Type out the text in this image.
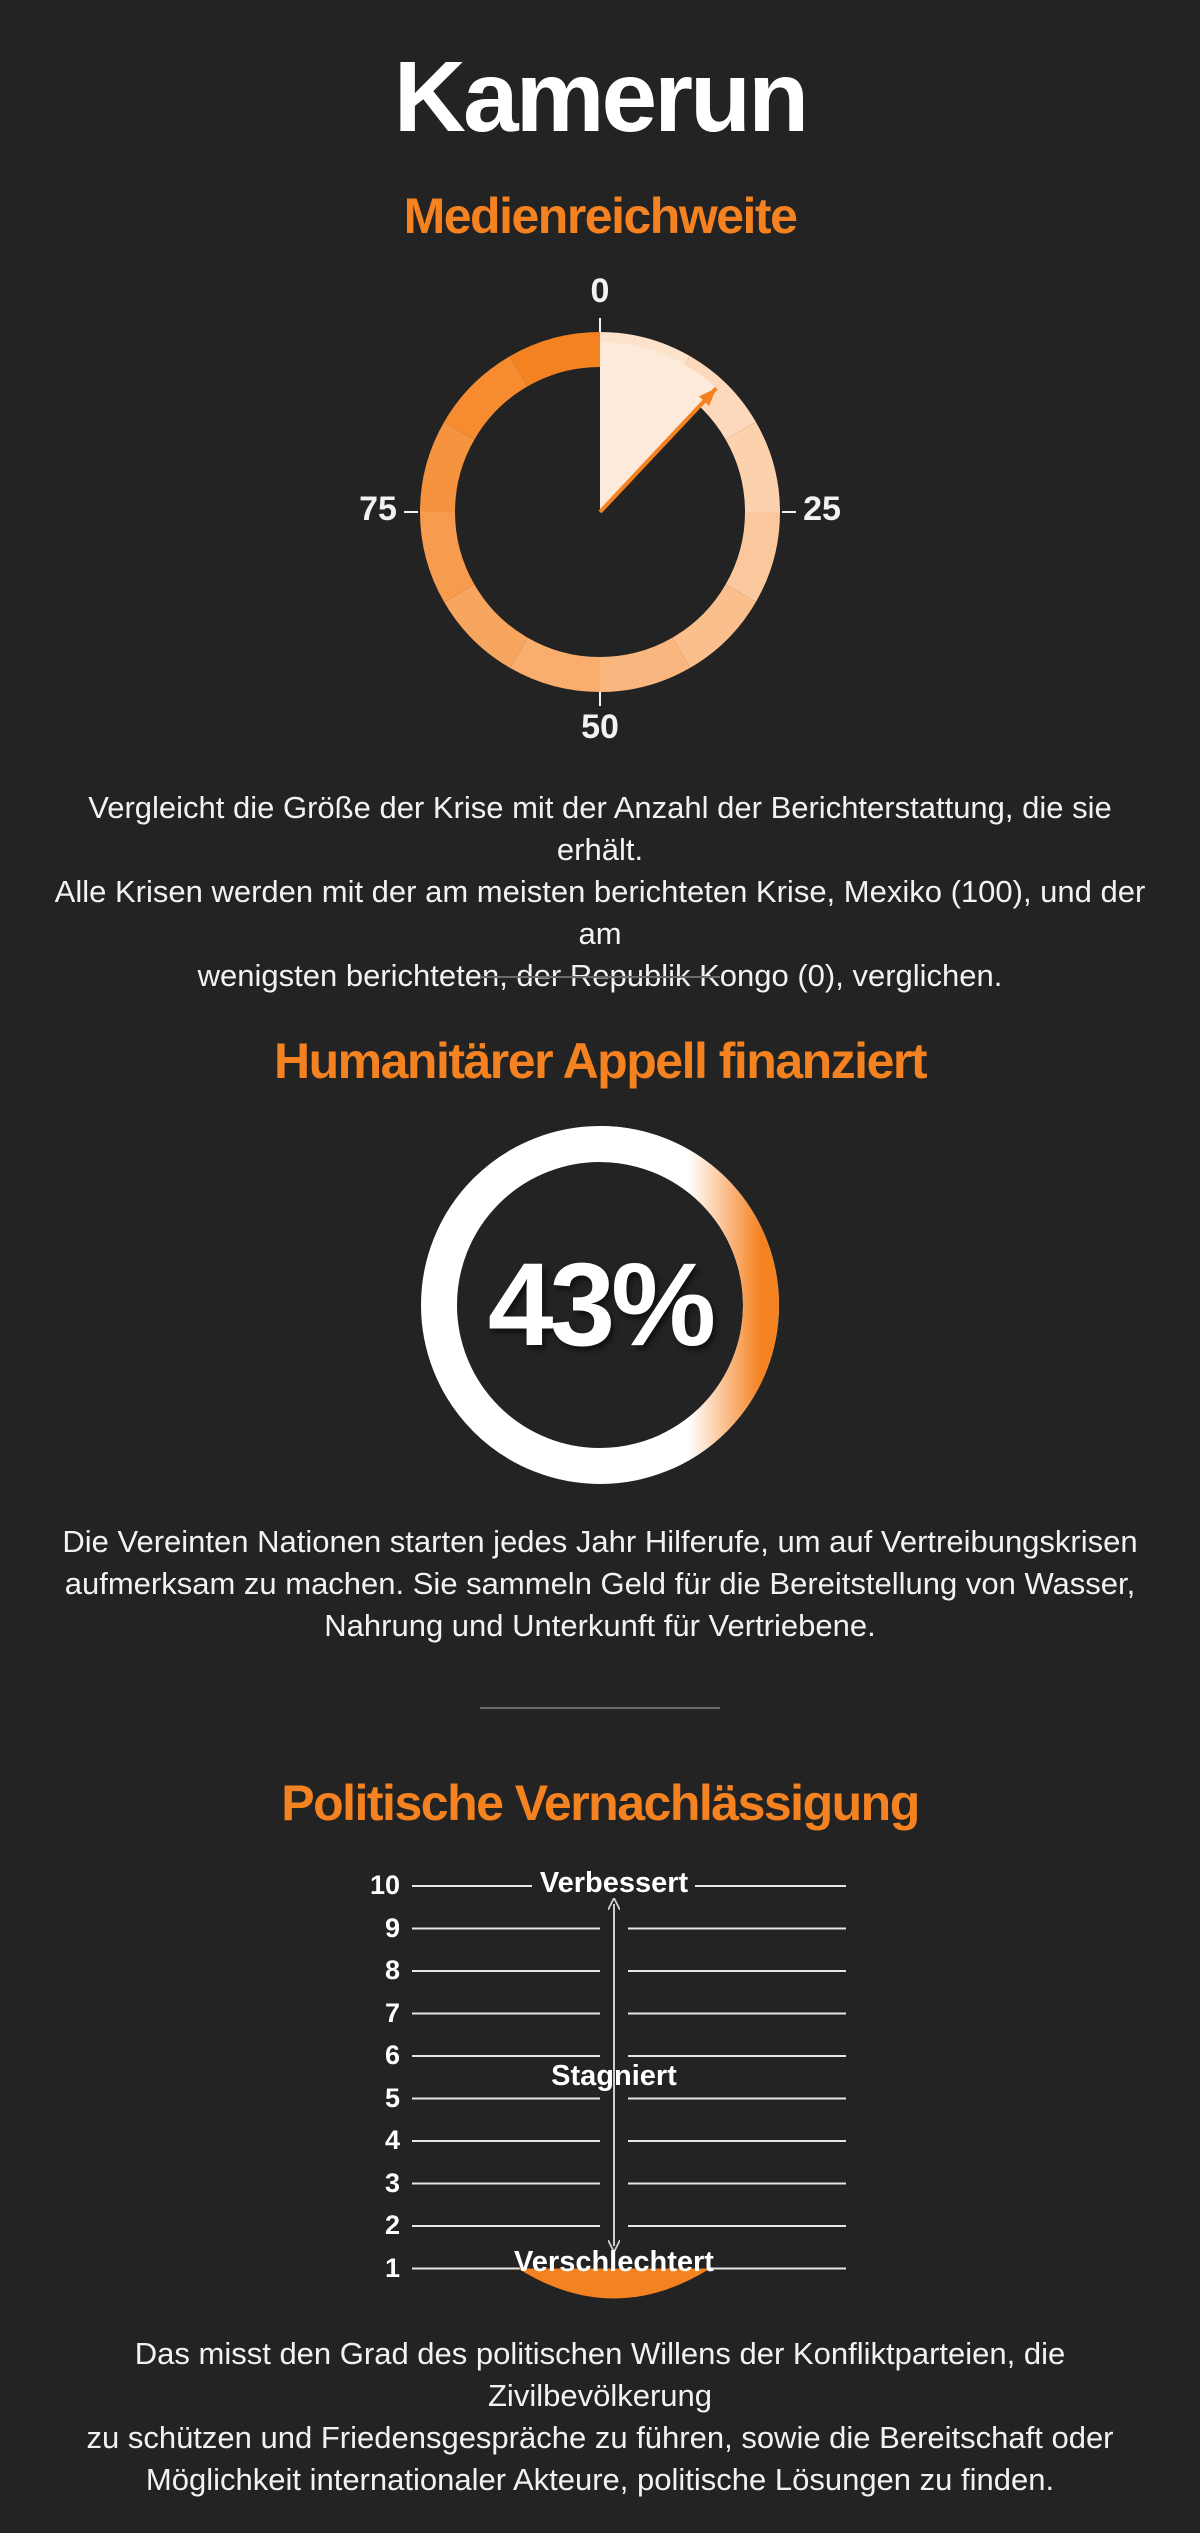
Kamerun
Medienreichweite
0
25
50
75
Vergleicht die Größe der Krise mit der Anzahl der Berichterstattung, die sie erhält.
Alle Krisen werden mit der am meisten berichteten Krise, Mexiko (100), und der am
wenigsten berichteten, der Republik Kongo (0), verglichen.
Humanitärer Appell finanziert
43%
Die Vereinten Nationen starten jedes Jahr Hilferufe, um auf Vertreibungskrisen
aufmerksam zu machen. Sie sammeln Geld für die Bereitstellung von Wasser,
Nahrung und Unterkunft für Vertriebene.
Politische Vernachlässigung
10
9
8
7
6
5
4
3
2
1
Verbessert
Stagniert
Verschlechtert
Das misst den Grad des politischen Willens der Konfliktparteien, die Zivilbevölkerung
zu schützen und Friedensgespräche zu führen, sowie die Bereitschaft oder
Möglichkeit internationaler Akteure, politische Lösungen zu finden.
